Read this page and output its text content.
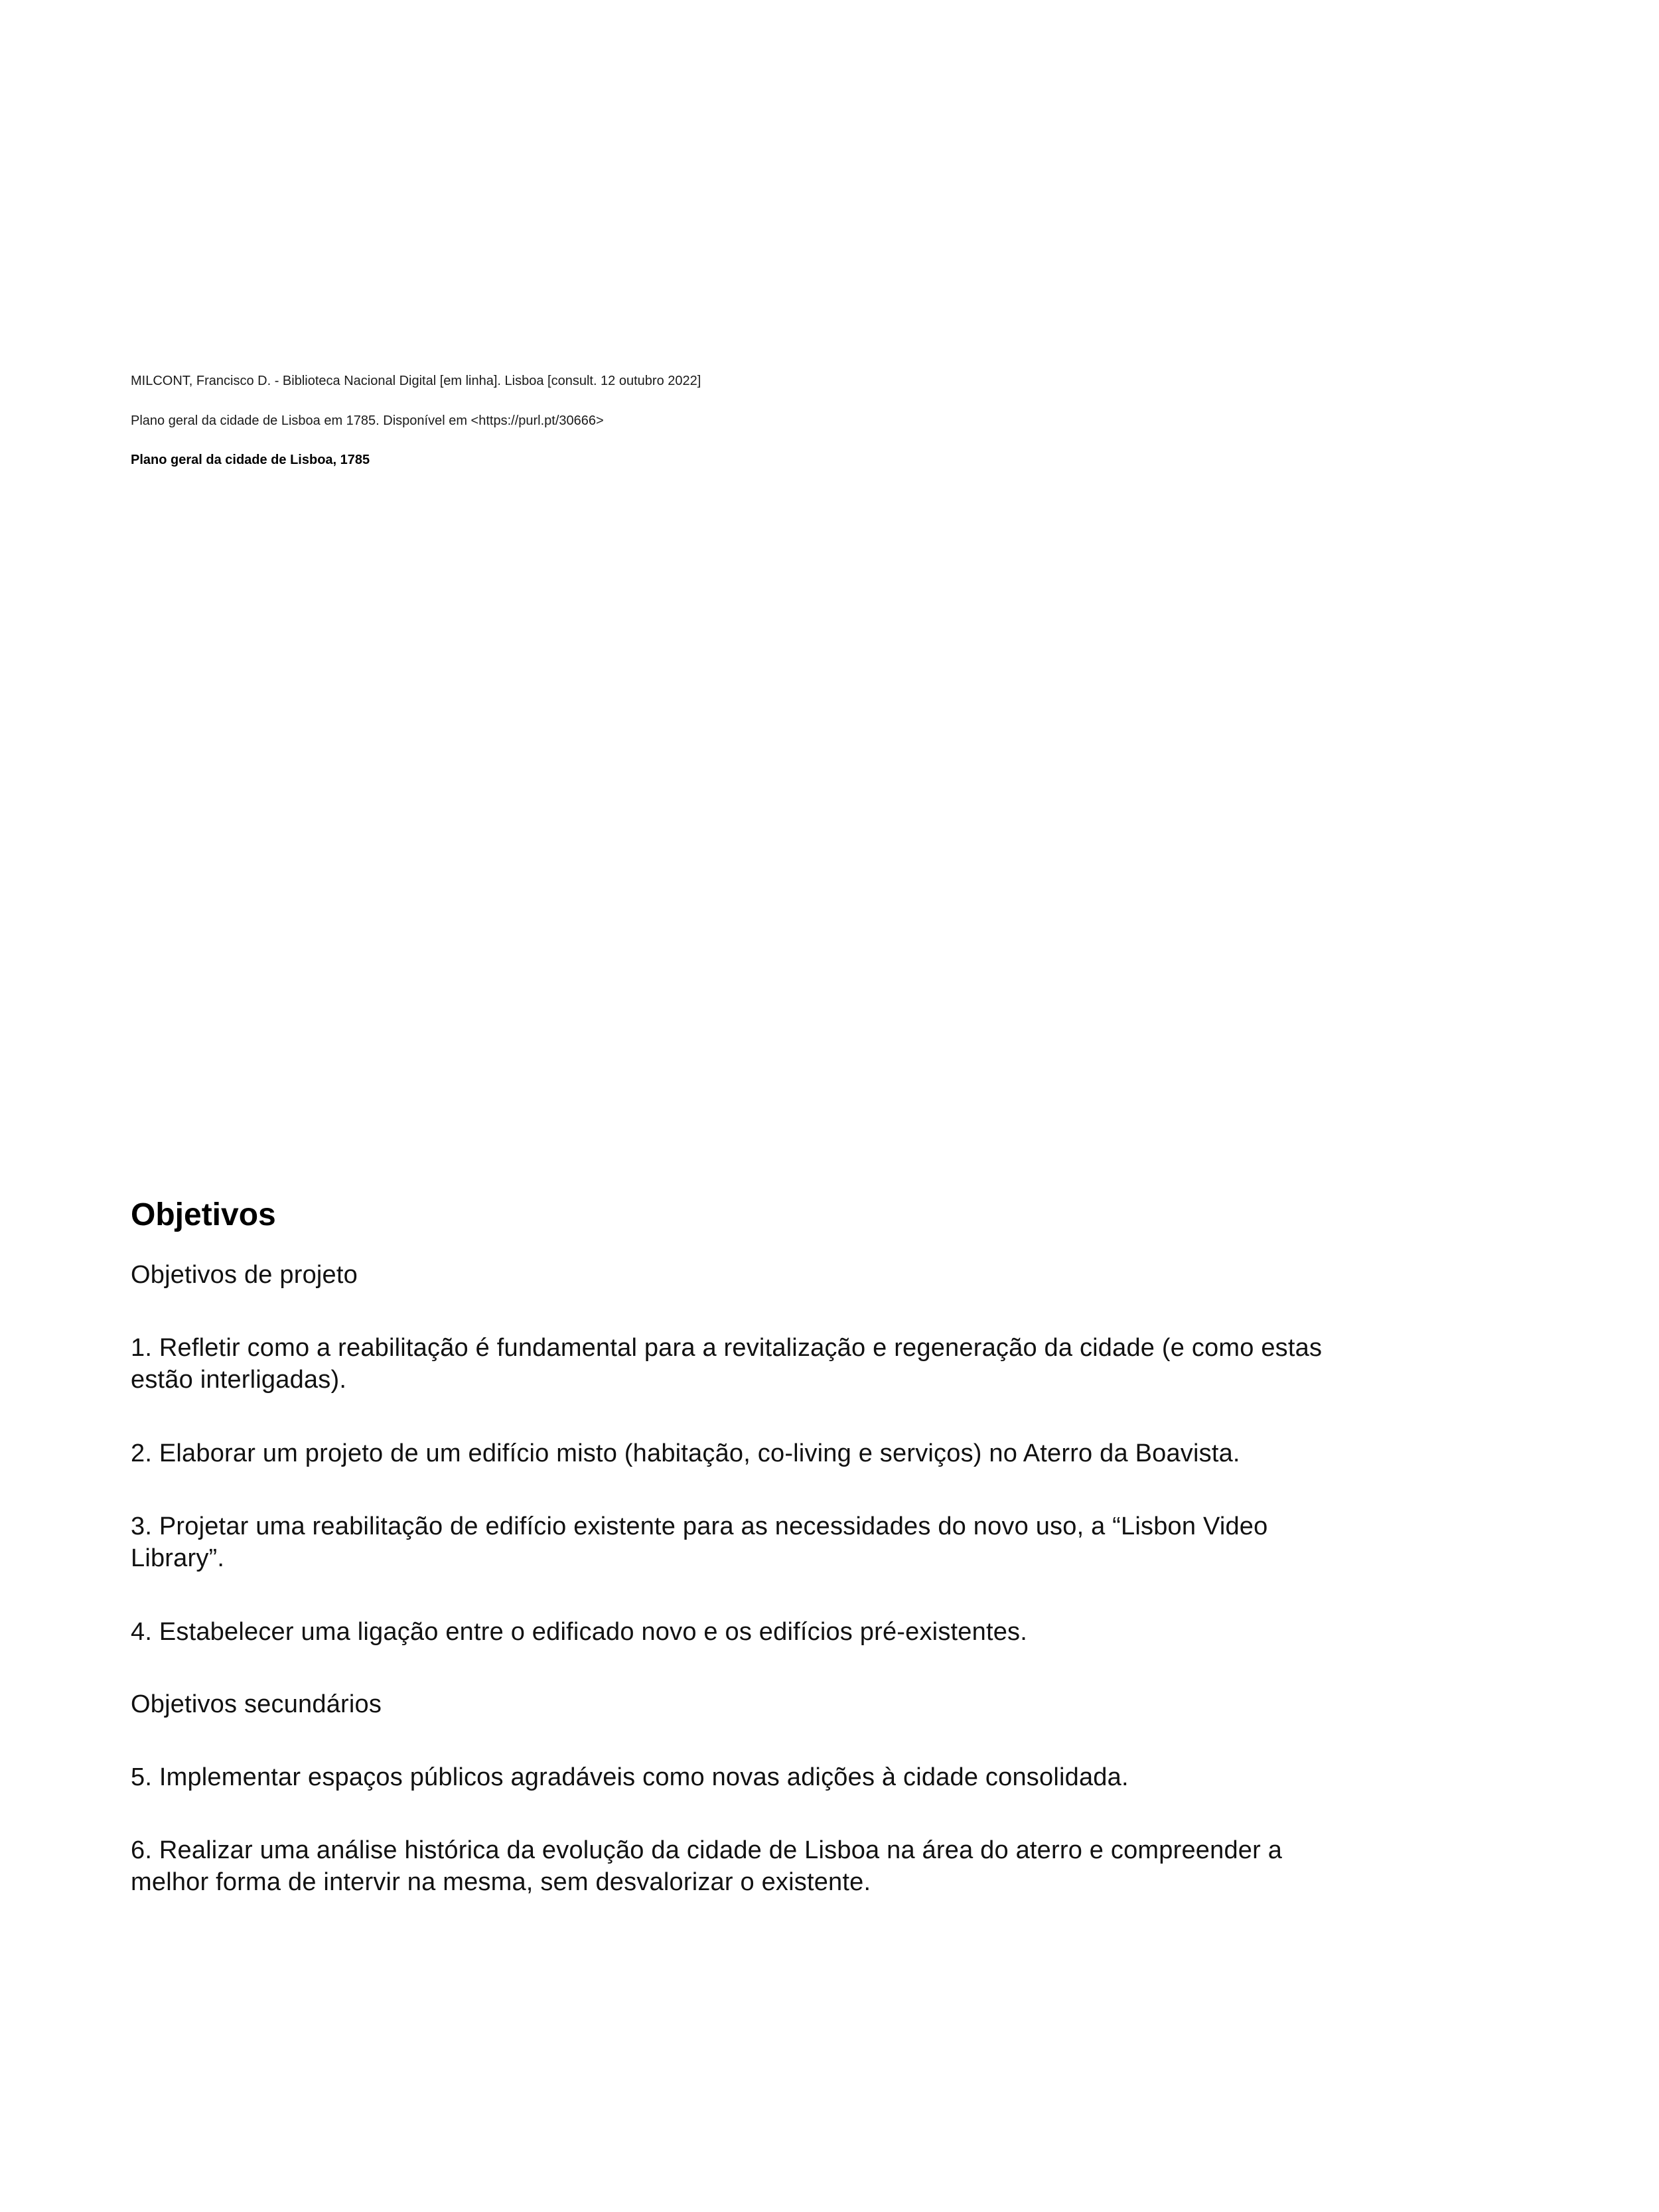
MILCONT, Francisco D. - Biblioteca Nacional Digital [em linha]. Lisboa [consult. 12 outubro 2022]

Plano geral da cidade de Lisboa em 1785. Disponível em <https://purl.pt/30666>

Plano geral da cidade de Lisboa, 1785

Objetivos
Objetivos de projeto
1. Refletir como a reabilitação é fundamental para a revitalização e regeneração da cidade (e como estas
estão interligadas).
2. Elaborar um projeto de um edifício misto (habitação, co-living e serviços) no Aterro da Boavista.
3. Projetar uma reabilitação de edifício existente para as necessidades do novo uso, a “Lisbon Video
Library”.
4. Estabelecer uma ligação entre o edificado novo e os edifícios pré-existentes.
Objetivos secundários
5. Implementar espaços públicos agradáveis como novas adições à cidade consolidada.
6. Realizar uma análise histórica da evolução da cidade de Lisboa na área do aterro e compreender a
melhor forma de intervir na mesma, sem desvalorizar o existente.
